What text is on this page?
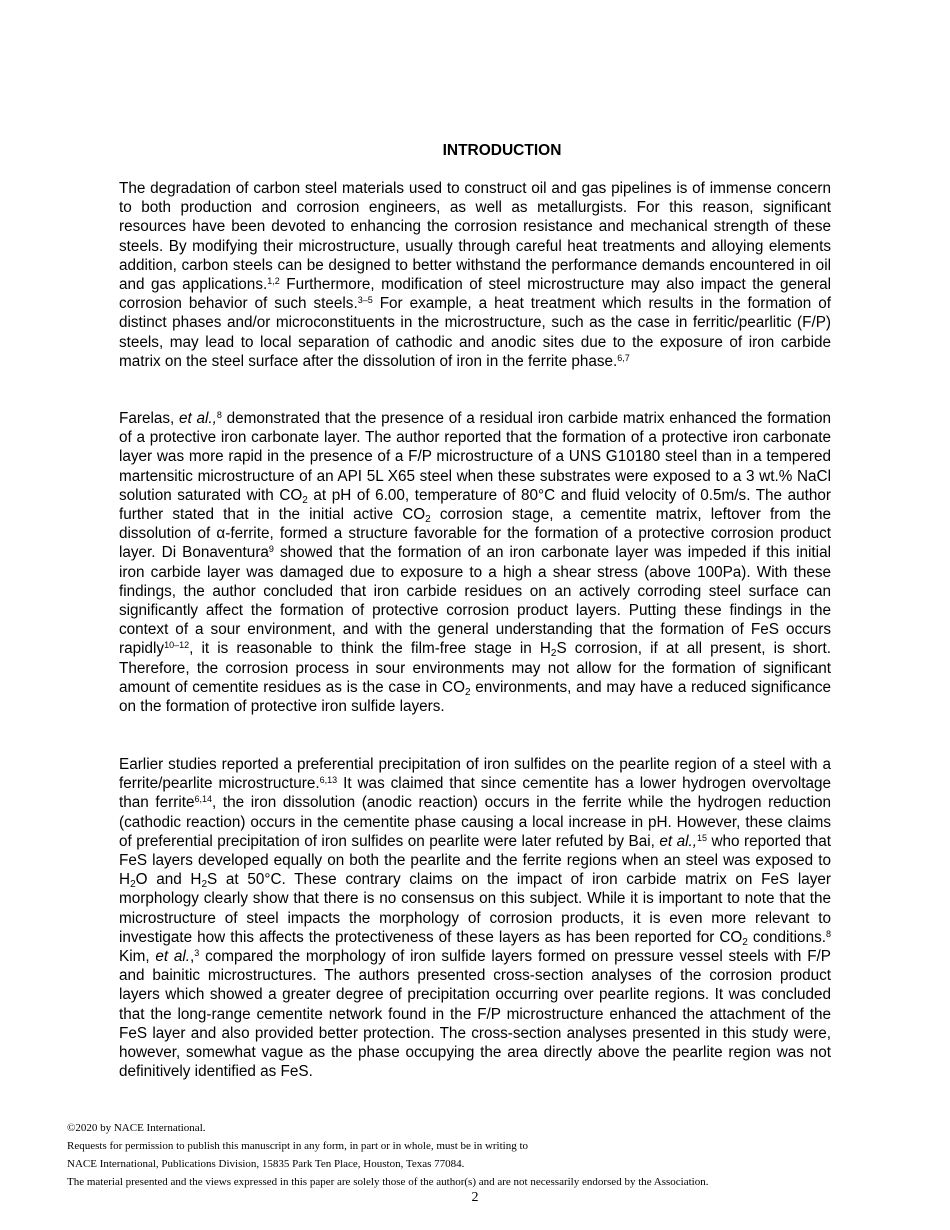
INTRODUCTION

The degradation of carbon steel materials used to construct oil and gas pipelines is of immense concern to both production and corrosion engineers, as well as metallurgists. For this reason, significant resources have been devoted to enhancing the corrosion resistance and mechanical strength of these steels. By modifying their microstructure, usually through careful heat treatments and alloying elements addition, carbon steels can be designed to better withstand the performance demands encountered in oil and gas applications.$^{1,2}$ Furthermore, modification of steel microstructure may also impact the general corrosion behavior of such steels.$^{3-5}$ For example, a heat treatment which results in the formation of distinct phases and/or microconstituents in the microstructure, such as the case in ferritic/pearlitic (F/P) steels, may lead to local separation of cathodic and anodic sites due to the exposure of iron carbide matrix on the steel surface after the dissolution of iron in the ferrite phase.$^{6,7}$

Farelas, et al.,$^8$ demonstrated that the presence of a residual iron carbide matrix enhanced the formation of a protective iron carbonate layer. The author reported that the formation of a protective iron carbonate layer was more rapid in the presence of a F/P microstructure of a UNS G10180 steel than in a tempered martensitic microstructure of an API 5L X65 steel when these substrates were exposed to a 3 wt.% NaCl solution saturated with $CO_2$ at pH of 6.00, temperature of 80°C and fluid velocity of 0.5m/s. The author further stated that in the initial active $CO_2$ corrosion stage, a cementite matrix, leftover from the dissolution of α-ferrite, formed a structure favorable for the formation of a protective corrosion product layer. Di Bonaventura$^9$ showed that the formation of an iron carbonate layer was impeded if this initial iron carbide layer was damaged due to exposure to a high a shear stress (above 100Pa). With these findings, the author concluded that iron carbide residues on an actively corroding steel surface can significantly affect the formation of protective corrosion product layers. Putting these findings in the context of a sour environment, and with the general understanding that the formation of FeS occurs rapidly$^{10-12}$, it is reasonable to think the film-free stage in $H_2S$ corrosion, if at all present, is short. Therefore, the corrosion process in sour environments may not allow for the formation of significant amount of cementite residues as is the case in $CO_2$ environments, and may have a reduced significance on the formation of protective iron sulfide layers.

Earlier studies reported a preferential precipitation of iron sulfides on the pearlite region of a steel with a ferrite/pearlite microstructure.$^{6,13}$ It was claimed that since cementite has a lower hydrogen overvoltage than ferrite$^{6,14}$, the iron dissolution (anodic reaction) occurs in the ferrite while the hydrogen reduction (cathodic reaction) occurs in the cementite phase causing a local increase in pH. However, these claims of preferential precipitation of iron sulfides on pearlite were later refuted by Bai, et al.,$^{15}$ who reported that FeS layers developed equally on both the pearlite and the ferrite regions when an steel was exposed to $H_2O$ and $H_2S$ at 50°C. These contrary claims on the impact of iron carbide matrix on FeS layer morphology clearly show that there is no consensus on this subject. While it is important to note that the microstructure of steel impacts the morphology of corrosion products, it is even more relevant to investigate how this affects the protectiveness of these layers as has been reported for $CO_2$ conditions.$^8$ Kim, et al.,$^3$ compared the morphology of iron sulfide layers formed on pressure vessel steels with F/P and bainitic microstructures. The authors presented cross-section analyses of the corrosion product layers which showed a greater degree of precipitation occurring over pearlite regions. It was concluded that the long-range cementite network found in the F/P microstructure enhanced the attachment of the FeS layer and also provided better protection. The cross-section analyses presented in this study were, however, somewhat vague as the phase occupying the area directly above the pearlite region was not definitively identified as FeS.

©2020 by NACE International.
Requests for permission to publish this manuscript in any form, in part or in whole, must be in writing to
NACE International, Publications Division, 15835 Park Ten Place, Houston, Texas 77084.
The material presented and the views expressed in this paper are solely those of the author(s) and are not necessarily endorsed by the Association.
2
